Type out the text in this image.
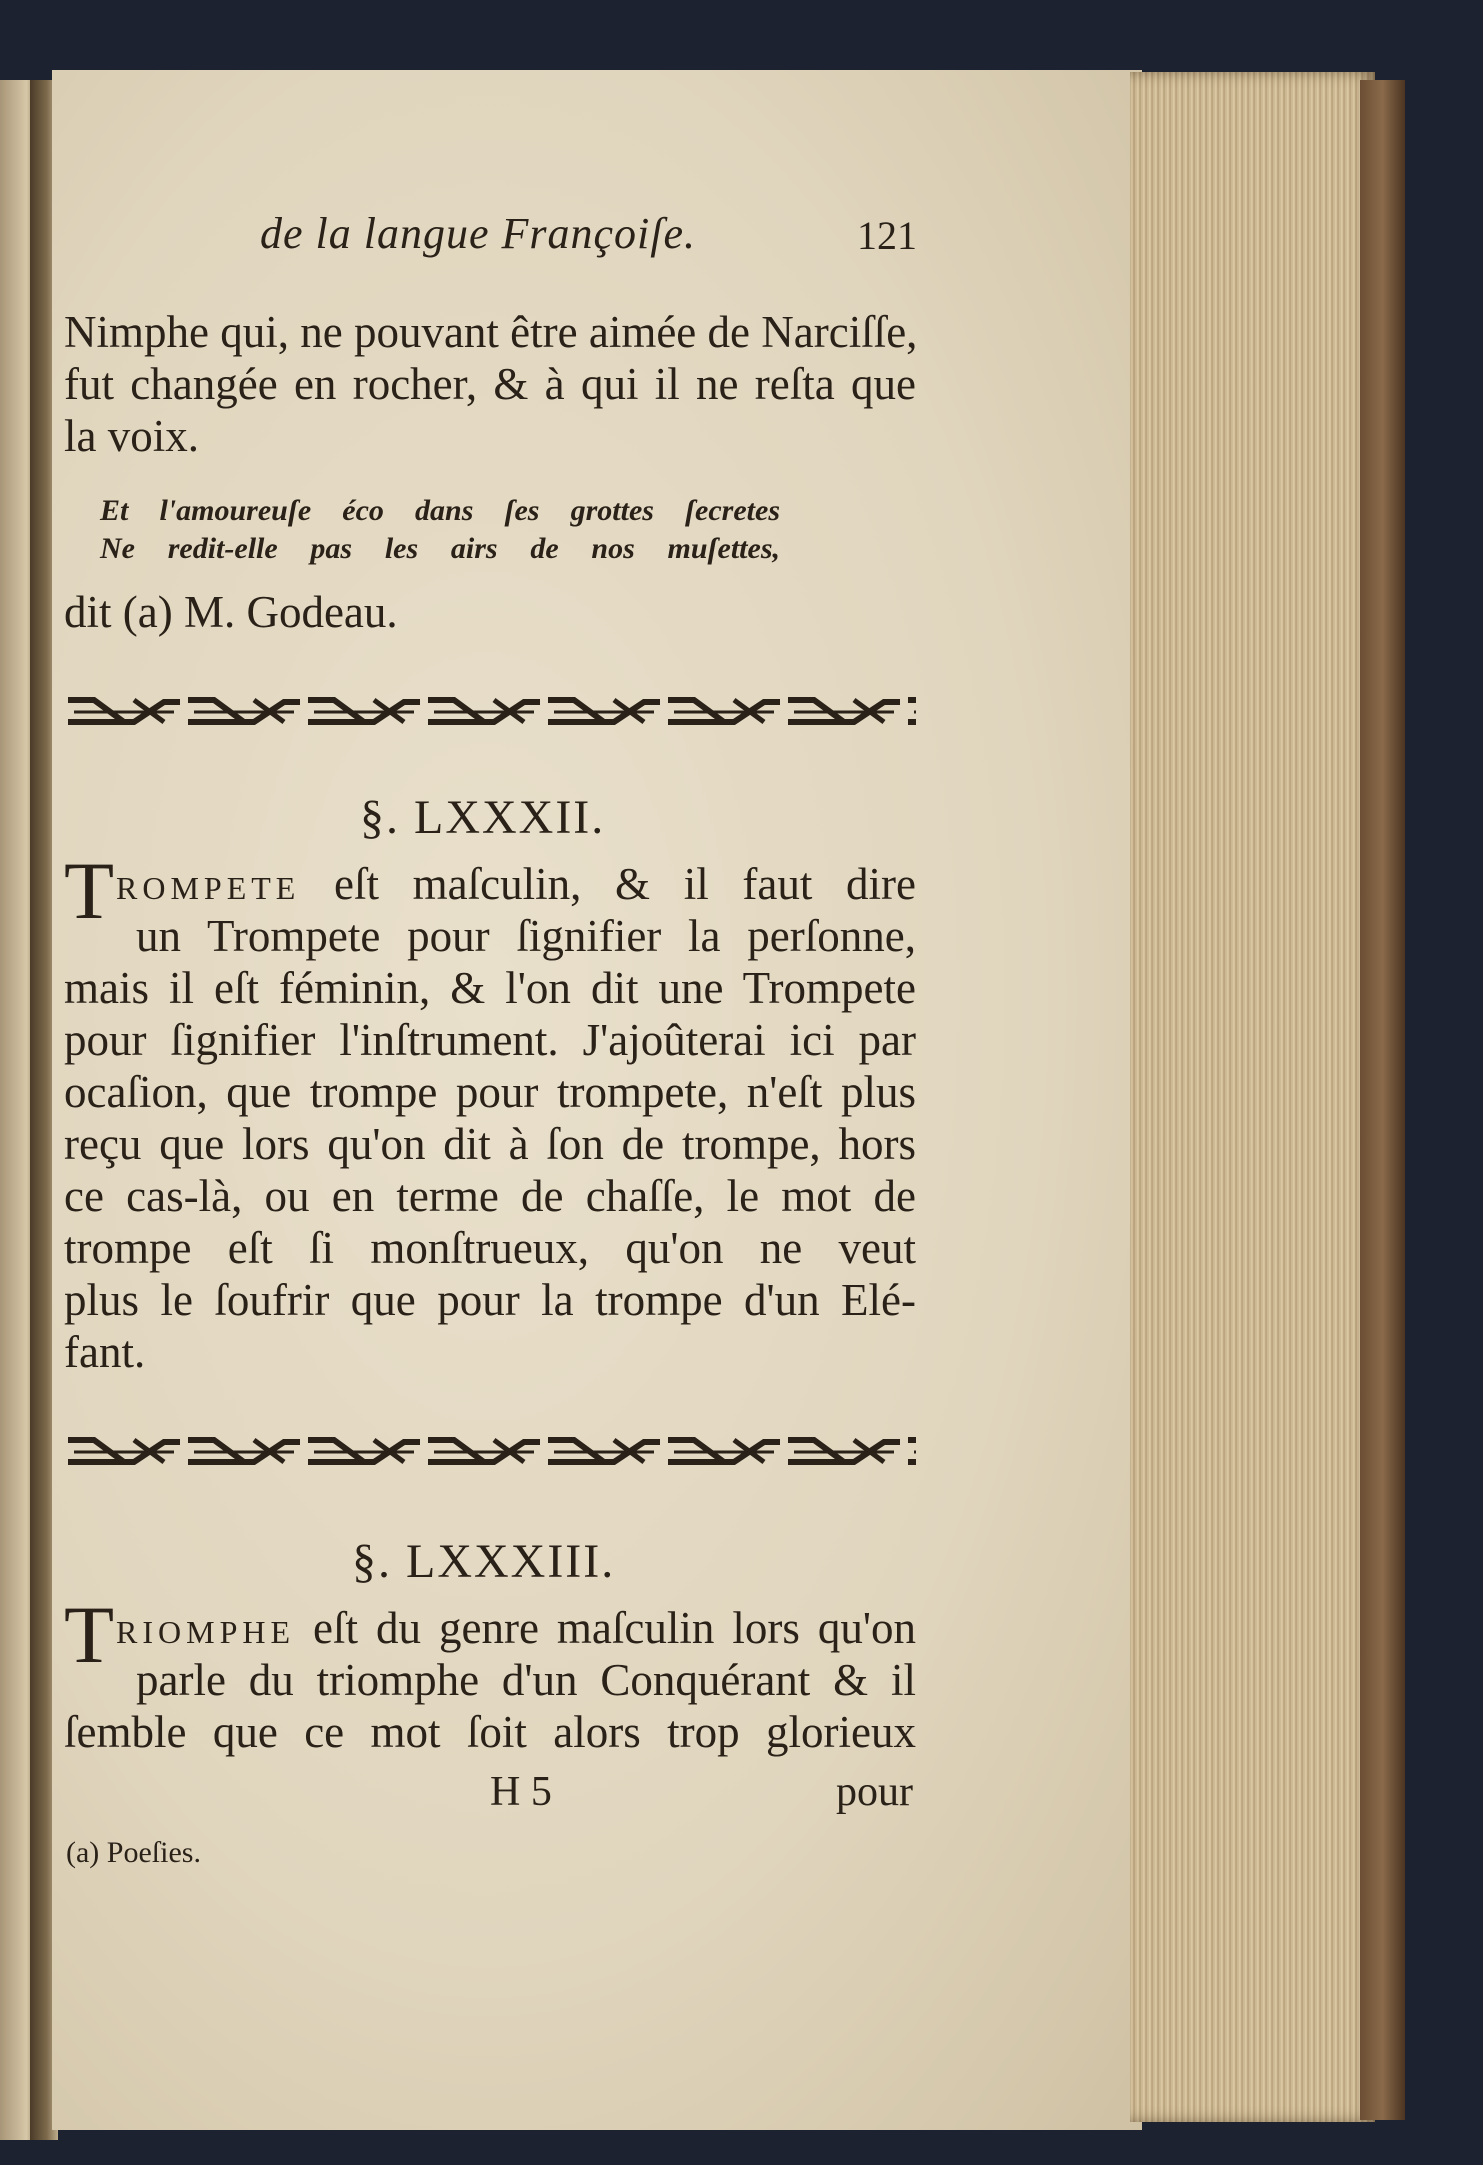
de la langue Françoiſe.	121
Nimphe qui, ne pouvant être aimée de Narciſſe,
fut changée en rocher, & à qui il ne reſta que
la voix.
Et l'amoureuſe éco dans ſes grottes ſecretes
Ne redit-elle pas les airs de nos muſettes,
dit (a) M. Godeau.
§. LXXXII.
T ROMPETE eſt maſculin, & il faut dire
un Trompete pour ſignifier la perſonne,
mais il eſt féminin, & l'on dit une Trompete
pour ſignifier l'inſtrument. J'ajoûterai ici par
ocaſion, que trompe pour trompete, n'eſt plus
reçu que lors qu'on dit à ſon de trompe, hors
ce cas-là, ou en terme de chaſſe, le mot de
trompe eſt ſi monſtrueux, qu'on ne veut
plus le ſoufrir que pour la trompe d'un Elé-
fant.
§. LXXXIII.
T RIOMPHE eſt du genre maſculin lors qu'on
parle du triomphe d'un Conquérant & il
ſemble que ce mot ſoit alors trop glorieux
H 5	pour
(a) Poeſies.
